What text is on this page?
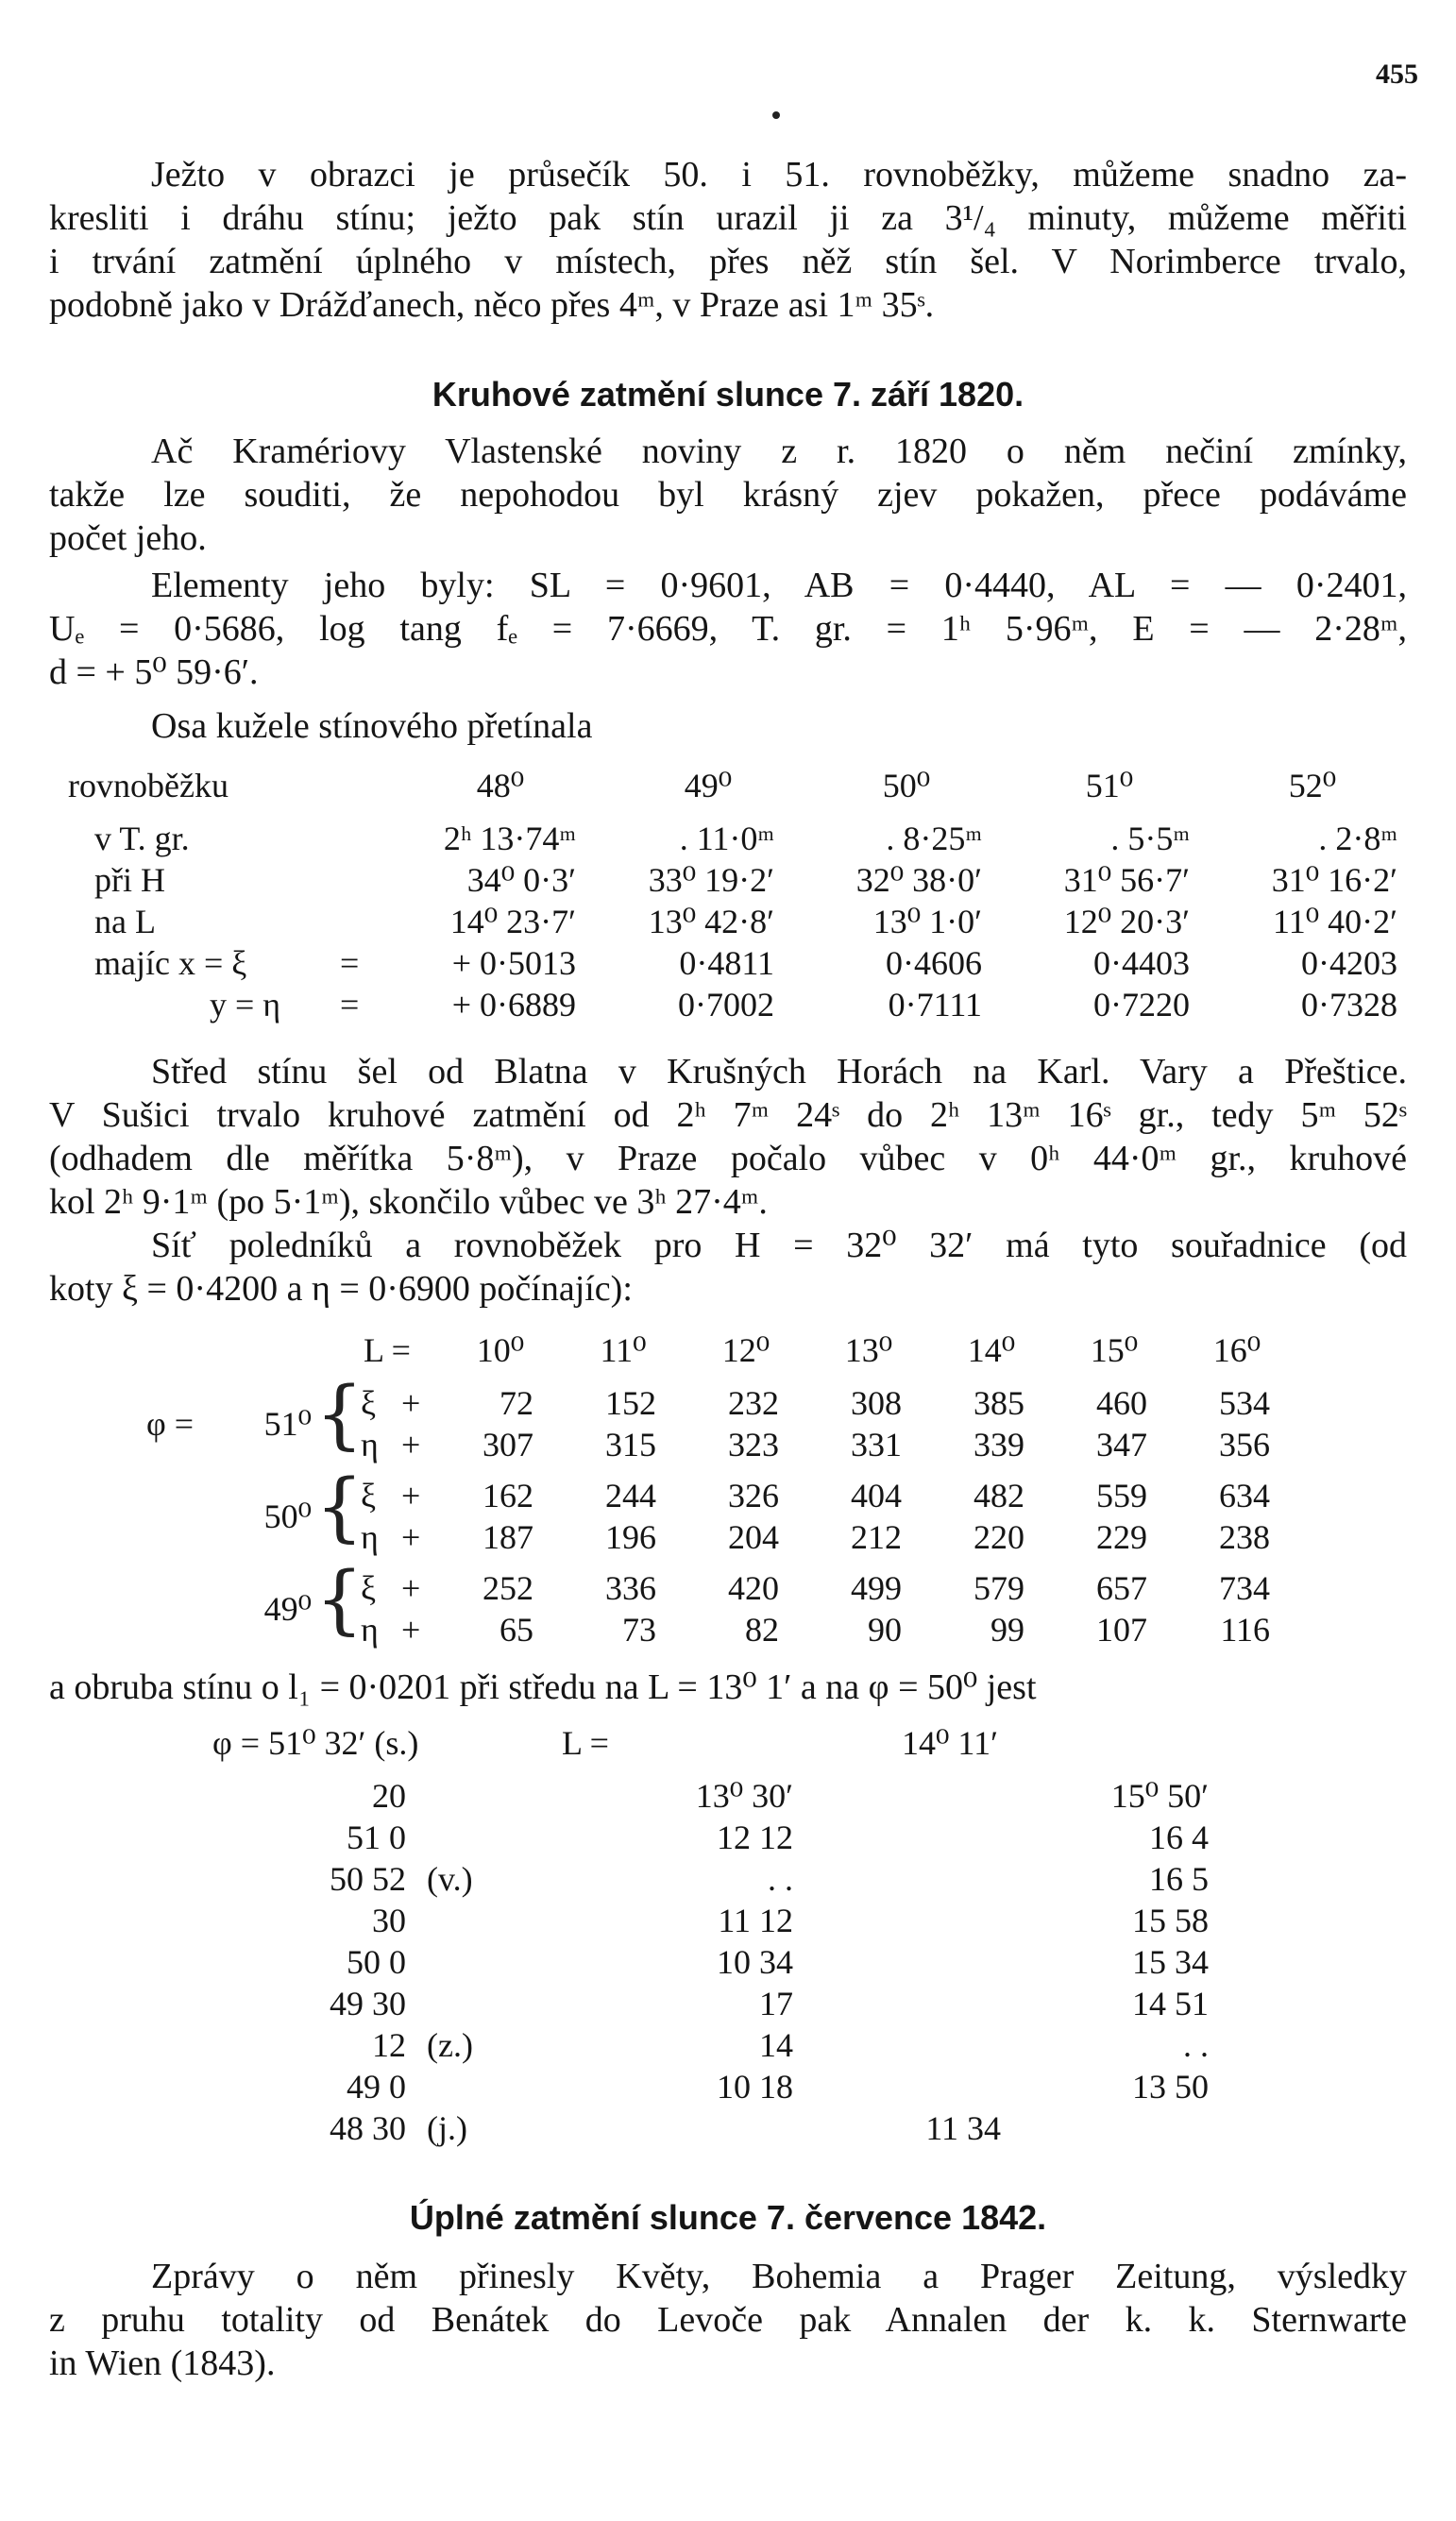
455
Ježto v obrazci je průsečík 50. i 51. rovnoběžky, můžeme snadno za-
kresliti i dráhu stínu; ježto pak stín urazil ji za 3¹/₄ minuty, můžeme měřiti
i trvání zatmění úplného v místech, přes něž stín šel. V Norimberce trvalo,
podobně jako v Drážďanech, něco přes 4ᵐ, v Praze asi 1ᵐ 35ˢ.
Kruhové zatmění slunce 7. září 1820.
Ač Kramériovy Vlastenské noviny z r. 1820 o něm nečiní zmínky,
takže lze souditi, že nepohodou byl krásný zjev pokažen, přece podáváme
počet jeho.
Elementy jeho byly: SL = 0·9601, AB = 0·4440, AL = — 0·2401,
Uₑ = 0·5686, log tang fₑ = 7·6669, T. gr. = 1ʰ 5·96ᵐ, E = — 2·28ᵐ,
d = + 5⁰ 59·6′.
Osa kužele stínového přetínala
rovnoběžku	48⁰	49⁰	50⁰	51⁰	52⁰
v T. gr.	2ʰ 13·74ᵐ	. 11·0ᵐ	. 8·25ᵐ	. 5·5ᵐ	. 2·8ᵐ
při H	34⁰ 0·3′	33⁰ 19·2′	32⁰ 38·0′	31⁰ 56·7′	31⁰ 16·2′
na L	14⁰ 23·7′	13⁰ 42·8′	13⁰ 1·0′	12⁰ 20·3′	11⁰ 40·2′
majíc x = ξ	=	+ 0·5013	0·4811	0·4606	0·4403	0·4203
y = η =	+ 0·6889	0·7002	0·7111	0·7220	0·7328
Střed stínu šel od Blatna v Krušných Horách na Karl. Vary a Přeštice.
V Sušici trvalo kruhové zatmění od 2ʰ 7ᵐ 24ˢ do 2ʰ 13ᵐ 16ˢ gr., tedy 5ᵐ 52ˢ
(odhadem dle měřítka 5·8ᵐ), v Praze počalo vůbec v 0ʰ 44·0ᵐ gr., kruhové
kol 2ʰ 9·1ᵐ (po 5·1ᵐ), skončilo vůbec ve 3ʰ 27·4ᵐ.
Síť poledníků a rovnoběžek pro H = 32⁰ 32′ má tyto souřadnice (od
koty ξ = 0·4200 a η = 0·6900 počínajíc):
L =	10⁰	11⁰	12⁰	13⁰	14⁰	15⁰	16⁰
φ =	51⁰ {
ξ +	72	152	232	308	385	460	534
η +	307	315	323	331	339	347	356
50⁰ {
ξ +	162	244	326	404	482	559	634
η +	187	196	204	212	220	229	238
49⁰ {
ξ +	252	336	420	499	579	657	734
η +	65	73	82	90	99	107	116
a obruba stínu o l₁ = 0·0201 při středu na L = 13⁰ 1′ a na φ = 50⁰ jest
φ = 51⁰ 32′ (s.)	L =	14⁰ 11′
20	13⁰ 30′	15⁰ 50′
51 0	12 12	16 4
50 52 (v.)	. .	16 5
30	11 12	15 58
50 0	10 34	15 34
49 30	17	14 51
12 (z.)	14	. .
49 0	10 18	13 50
48 30 (j.)	11 34
Úplné zatmění slunce 7. července 1842.
Zprávy o něm přinesly Květy, Bohemia a Prager Zeitung, výsledky
z pruhu totality od Benátek do Levoče pak Annalen der k. k. Sternwarte
in Wien (1843).
